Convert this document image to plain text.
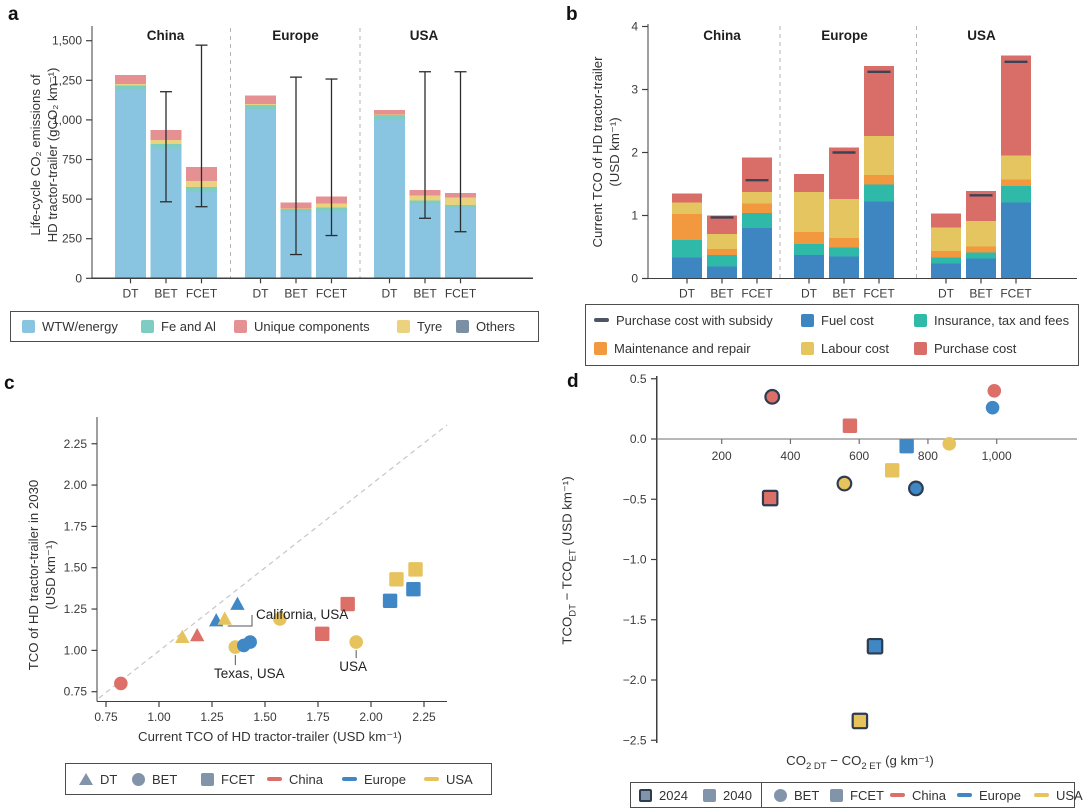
a
Life-cycle CO₂ emissions of HD tractor-trailer (gCO₂ km⁻¹)
0
250
500
750
1,000
1,250
1,500	China
DT BET FCET
Europe
DT BET FCET
USA
DT BET FCET
WTW/energy	Fe and Al	Unique components	Tyre	Others
b
Current TCO of HD tractor-trailer (USD km⁻¹)
0
1
2
3
4
China
DT BET FCET
Europe
DT BET FCET
USA
DT BET FCET
Purchase cost with subsidy	Fuel cost	Insurance, tax and fees
Maintenance and repair	Labour cost	Purchase cost
c
TCO of HD tractor-trailer in 2030 (USD km⁻¹)
Current TCO of HD tractor-trailer (USD km⁻¹)
0.75 1.00 1.25 1.50 1.75 2.00 2.25
0.75
1.00
1.25
1.50
1.75
2.00
2.25
California, USA
Texas, USA	USA
DT	BET	FCET	China	Europe	USA
d
$TCO_{DT} - TCO_{ET}$ (USD km⁻¹)
$CO_{2 DT} - CO_{2 ET}$ (g km⁻¹)
0.5
0.0
−0.5
−1.0
−1.5
−2.0
−2.5
200	400	600	800	1,000
2024	2040	BET FCET China	Europe	USA
